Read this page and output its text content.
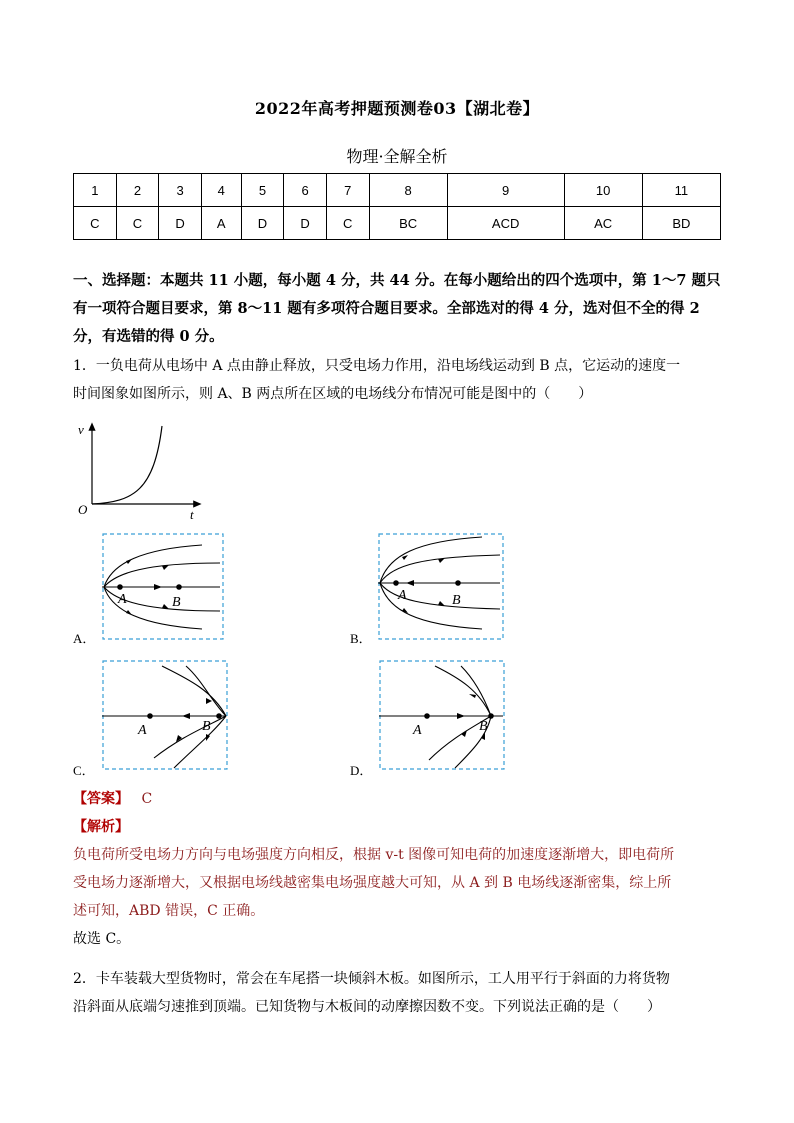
2022年高考押题预测卷03【湖北卷】
物理·全解全析
1	2	3	4	5	6	7	8	9	10	11
C	C	D	A	D	D	C	BC	ACD	AC	BD
一、选择题：本题共 11 小题，每小题 4 分，共 44 分。在每小题给出的四个选项中，第 1～7 题只
有一项符合题目要求，第 8～11 题有多项符合题目要求。全部选对的得 4 分，选对但不全的得 2
分，有选错的得 0 分。
1．一负电荷从电场中 A 点由静止释放，只受电场力作用，沿电场线运动到 B 点，它运动的速度一
时间图象如图所示，则 A、B 两点所在区域的电场线分布情况可能是图中的（　　）
v
t
O
A	B
A．
A	B
B．
A	B
C．
A	B
D．
【答案】 C
【解析】
负电荷所受电场力方向与电场强度方向相反，根据 v-t 图像可知电荷的加速度逐渐增大，即电荷所
受电场力逐渐增大，又根据电场线越密集电场强度越大可知，从 A 到 B 电场线逐渐密集，综上所
述可知，ABD 错误，C 正确。
故选 C。
2．卡车装载大型货物时，常会在车尾搭一块倾斜木板。如图所示，工人用平行于斜面的力将货物
沿斜面从底端匀速推到顶端。已知货物与木板间的动摩擦因数不变。下列说法正确的是（　　）
